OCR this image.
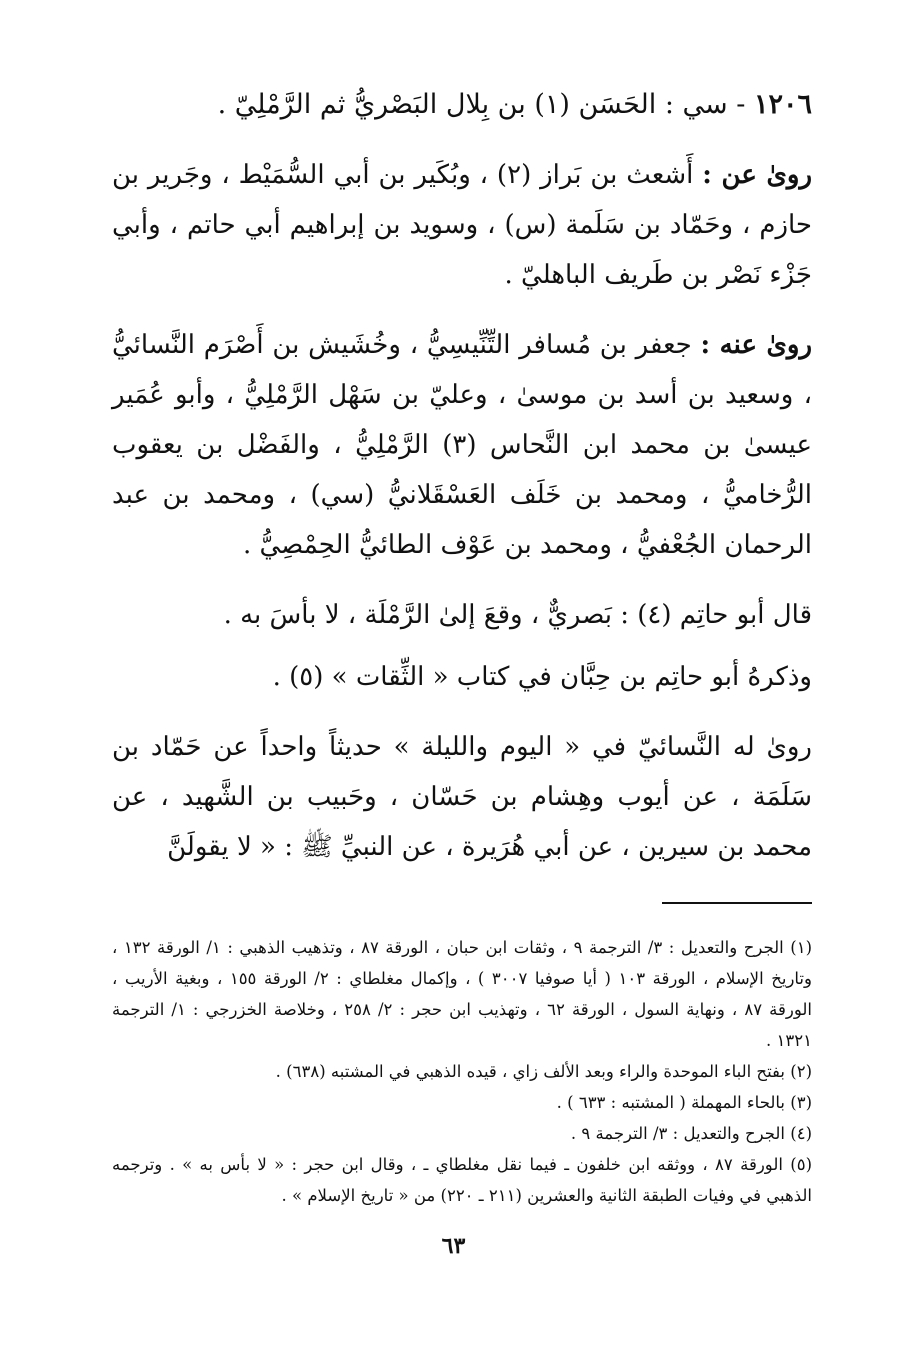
١٢٠٦ - سي : الحَسَن (١) بن بِلال البَصْريُّ ثم الرَّمْلِيّ .

روىٰ عن : أَشعث بن بَراز (٢) ، وبُكَير بن أبي السُّمَيْط ، وجَرير بن حازم ، وحَمّاد بن سَلَمة (س) ، وسويد بن إبراهيم أبي حاتم ، وأبي جَزْء نَصْر بن طَريف الباهليّ .

روىٰ عنه : جعفر بن مُسافر التِّنِّيسِيُّ ، وخُشَيش بن أَصْرَم النَّسائيُّ ، وسعيد بن أسد بن موسىٰ ، وعليّ بن سَهْل الرَّمْلِيُّ ، وأبو عُمَير عيسىٰ بن محمد ابن النَّحاس (٣) الرَّمْلِيُّ ، والفَضْل بن يعقوب الرُّخاميُّ ، ومحمد بن خَلَف العَسْقَلانيُّ (سي) ، ومحمد بن عبد الرحمان الجُعْفيُّ ، ومحمد بن عَوْف الطائيُّ الحِمْصِيُّ .

قال أبو حاتِم (٤) : بَصريٌّ ، وقعَ إلىٰ الرَّمْلَة ، لا بأسَ به .

وذكرهُ أبو حاتِم بن حِبَّان في كتاب « الثِّقات » (٥) .

روىٰ له النَّسائيّ في « اليوم والليلة » حديثاً واحداً عن حَمّاد بن سَلَمَة ، عن أيوب وهِشام بن حَسّان ، وحَبيب بن الشَّهيد ، عن محمد بن سيرين ، عن أبي هُرَيرة ، عن النبيِّ ﷺ : « لا يقولَنَّ

(١) الجرح والتعديل : ٣/ الترجمة ٩ ، وثقات ابن حبان ، الورقة ٨٧ ، وتذهيب الذهبي : ١/ الورقة ١٣٢ ، وتاريخ الإسلام ، الورقة ١٠٣ ( أيا صوفيا ٣٠٠٧ ) ، وإكمال مغلطاي : ٢/ الورقة ١٥٥ ، وبغية الأريب ، الورقة ٨٧ ، ونهاية السول ، الورقة ٦٢ ، وتهذيب ابن حجر : ٢/ ٢٥٨ ، وخلاصة الخزرجي : ١/ الترجمة ١٣٢١ .

(٢) بفتح الباء الموحدة والراء وبعد الألف زاي ، قيده الذهبي في المشتبه (٦٣٨) .

(٣) بالحاء المهملة ( المشتبه : ٦٣٣ ) .

(٤) الجرح والتعديل : ٣/ الترجمة ٩ .

(٥) الورقة ٨٧ ، ووثقه ابن خلفون ـ فيما نقل مغلطاي ـ ، وقال ابن حجر : « لا بأس به » . وترجمه الذهبي في وفيات الطبقة الثانية والعشرين (٢١١ ـ ٢٢٠) من « تاريخ الإسلام » .

٦٣
